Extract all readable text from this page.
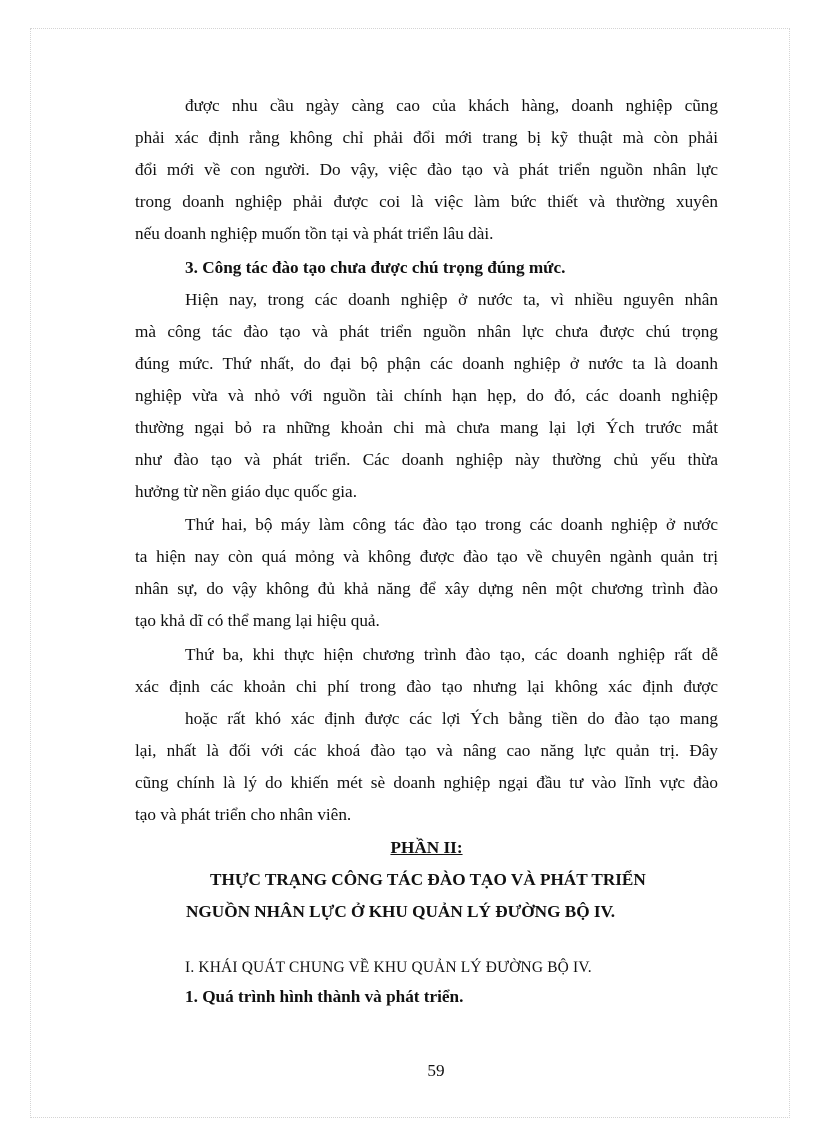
được nhu cầu ngày càng cao của khách hàng, doanh nghiệp cũng
phải xác định rằng không chỉ phải đổi mới trang bị kỹ thuật mà còn phải
đổi mới về con người. Do vậy, việc đào tạo và phát triển nguồn nhân lực
trong doanh nghiệp phải được coi là việc làm bức thiết và thường xuyên
nếu doanh nghiệp muốn tồn tại và phát triển lâu dài.
3. Công tác đào tạo chưa được chú trọng đúng mức.
Hiện nay, trong các doanh nghiệp ở nước ta, vì nhiều nguyên nhân
mà công tác đào tạo và phát triển nguồn nhân lực chưa được chú trọng
đúng mức. Thứ nhất, do đại bộ phận các doanh nghiệp ở nước ta là doanh
nghiệp vừa và nhỏ với nguồn tài chính hạn hẹp, do đó, các doanh nghiệp
thường ngại bỏ ra những khoản chi mà chưa mang lại lợi Ých trước mắt
như đào tạo và phát triển. Các doanh nghiệp này thường chủ yếu thừa
hưởng từ nền giáo dục quốc gia.
Thứ hai, bộ máy làm công tác đào tạo trong các doanh nghiệp ở nước
ta hiện nay còn quá mỏng và không được đào tạo về chuyên ngành quản trị
nhân sự, do vậy không đủ khả năng để xây dựng nên một chương trình đào
tạo khả dĩ có thể mang lại hiệu quả.
Thứ ba, khi thực hiện chương trình đào tạo, các doanh nghiệp rất dễ
xác định các khoản chi phí trong đào tạo nhưng lại không xác định được
hoặc rất khó xác định được các lợi Ých bằng tiền do đào tạo mang
lại, nhất là đối với các khoá đào tạo và nâng cao năng lực quản trị. Đây
cũng chính là lý do khiến mét sè doanh nghiệp ngại đầu tư vào lĩnh vực đào
tạo và phát triển cho nhân viên.
PHẦN II:
THỰC TRẠNG CÔNG TÁC ĐÀO TẠO VÀ PHÁT TRIỂN
NGUỒN NHÂN LỰC Ở KHU QUẢN LÝ ĐƯỜNG BỘ IV.
I. KHÁI QUÁT CHUNG VỀ KHU QUẢN LÝ ĐƯỜNG BỘ IV.
1. Quá trình hình thành và phát triển.
59
